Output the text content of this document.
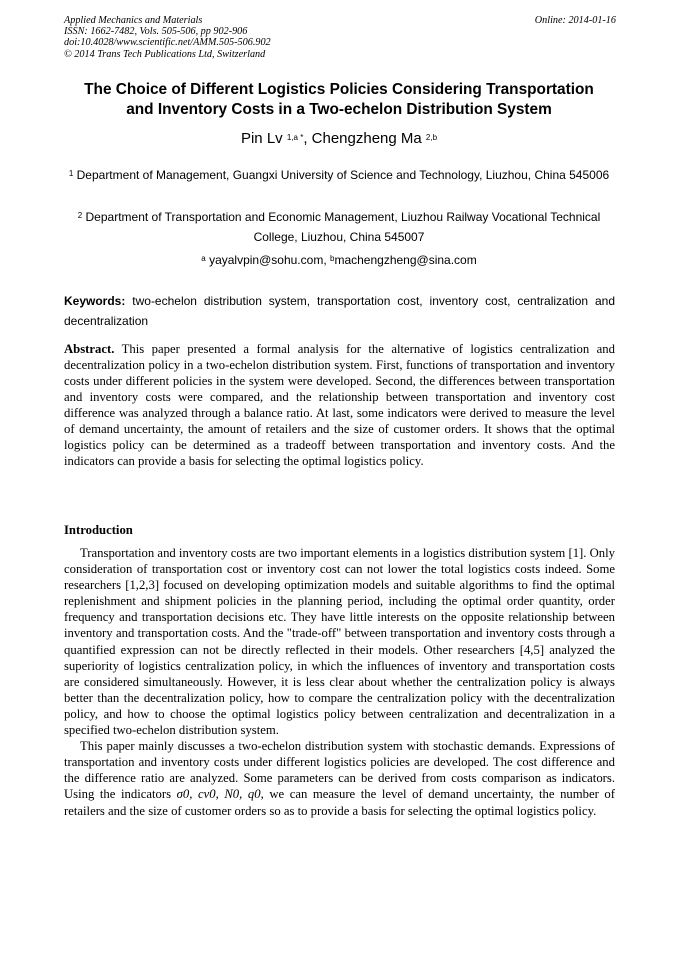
Applied Mechanics and Materials
ISSN: 1662-7482, Vols. 505-506, pp 902-906
doi:10.4028/www.scientific.net/AMM.505-506.902
© 2014 Trans Tech Publications Ltd, Switzerland
Online: 2014-01-16
The Choice of Different Logistics Policies Considering Transportation
and Inventory Costs in a Two-echelon Distribution System
Pin Lv $^{1,a *}$, Chengzheng Ma $^{2,b}$
$^1$ Department of Management, Guangxi University of Science and Technology, Liuzhou, China 545006
$^2$ Department of Transportation and Economic Management, Liuzhou Railway Vocational Technical College, Liuzhou, China 545007
$^a$ yayalvpin@sohu.com, $^b$machengzheng@sina.com
Keywords: two-echelon distribution system, transportation cost, inventory cost, centralization and decentralization
Abstract. This paper presented a formal analysis for the alternative of logistics centralization and decentralization policy in a two-echelon distribution system. First, functions of transportation and inventory costs under different policies in the system were developed. Second, the differences between transportation and inventory costs were compared, and the relationship between transportation and inventory cost difference was analyzed through a balance ratio. At last, some indicators were derived to measure the level of demand uncertainty, the amount of retailers and the size of customer orders. It shows that the optimal logistics policy can be determined as a tradeoff between transportation and inventory costs. And the indicators can provide a basis for selecting the optimal logistics policy.
Introduction

Transportation and inventory costs are two important elements in a logistics distribution system [1]. Only consideration of transportation cost or inventory cost can not lower the total logistics costs indeed. Some researchers [1,2,3] focused on developing optimization models and suitable algorithms to find the optimal replenishment and shipment policies in the planning period, including the optimal order quantity, order frequency and transportation decisions etc. They have little interests on the opposite relationship between inventory and transportation costs. And the "trade-off" between transportation and inventory costs through a quantified expression can not be directly reflected in their models. Other researchers [4,5] analyzed the superiority of logistics centralization policy, in which the influences of inventory and transportation costs are considered simultaneously. However, it is less clear about whether the centralization policy is always better than the decentralization policy, how to compare the centralization policy with the decentralization policy, and how to choose the optimal logistics policy between centralization and decentralization in a specified two-echelon distribution system.

This paper mainly discusses a two-echelon distribution system with stochastic demands. Expressions of transportation and inventory costs under different logistics policies are developed. The cost difference and the difference ratio are analyzed. Some parameters can be derived from costs comparison as indicators. Using the indicators σ0, cv0, N0, q0, we can measure the level of demand uncertainty, the number of retailers and the size of customer orders so as to provide a basis for selecting the optimal logistics policy.
